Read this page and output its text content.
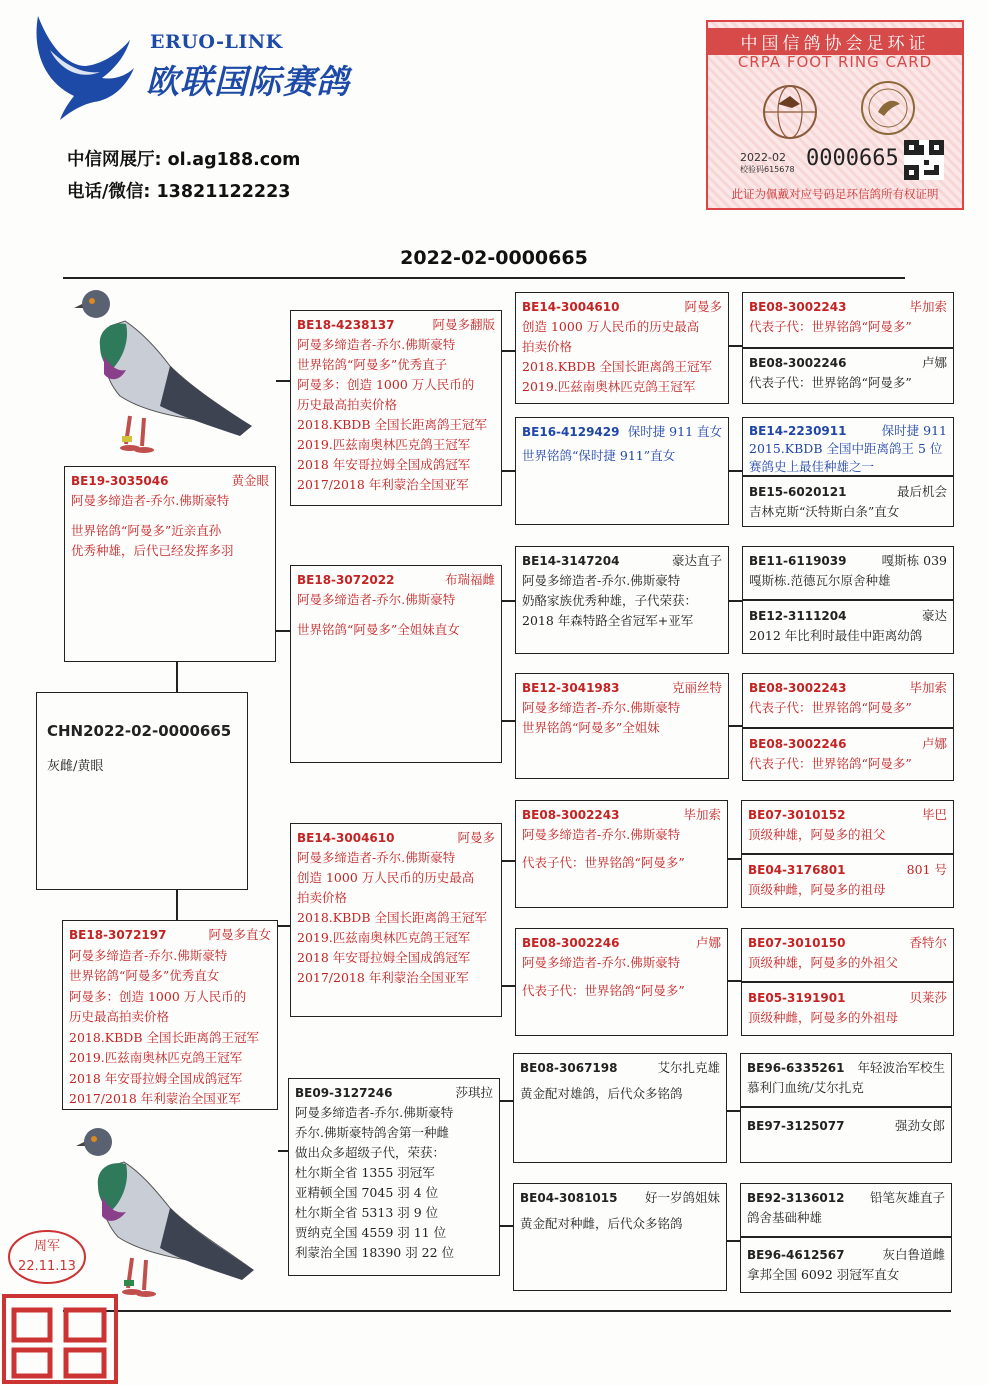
ERUO-LINK
欧联国际赛鸽
中信网展厅: ol.ag188.com
电话/微信: 13821122223
中国信鸽协会足环证
CRPA FOOT RING CARD
2022-02
校验码615678 0000665
此证为佩戴对应号码足环信鸽所有权证明
2022-02-0000665
周军
22.11.13
CHN2022-02-0000665
灰雌/黄眼
BE19-3035046	黄金眼
阿曼多缔造者-乔尔.佛斯豪特
世界铭鸽“阿曼多”近亲直孙
优秀种雄，后代已经发挥多羽
BE18-3072197	阿曼多直女
阿曼多缔造者-乔尔.佛斯豪特
世界铭鸽“阿曼多”优秀直女
阿曼多：创造 1000 万人民币的
历史最高拍卖价格
2018.KBDB 全国长距离鸽王冠军
2019.匹兹南奥林匹克鸽王冠军
2018 年安哥拉姆全国成鸽冠军
2017/2018 年利蒙治全国亚军
BE18-4238137	阿曼多翻版
阿曼多缔造者-乔尔.佛斯豪特
世界铭鸽“阿曼多”优秀直子
阿曼多：创造 1000 万人民币的
历史最高拍卖价格
2018.KBDB 全国长距离鸽王冠军
2019.匹兹南奥林匹克鸽王冠军
2018 年安哥拉姆全国成鸽冠军
2017/2018 年利蒙治全国亚军
BE18-3072022	布瑞福雌
阿曼多缔造者-乔尔.佛斯豪特
世界铭鸽“阿曼多”全姐妹直女
BE14-3004610	阿曼多
阿曼多缔造者-乔尔.佛斯豪特
创造 1000 万人民币的历史最高
拍卖价格
2018.KBDB 全国长距离鸽王冠军
2019.匹兹南奥林匹克鸽王冠军
2018 年安哥拉姆全国成鸽冠军
2017/2018 年利蒙治全国亚军
BE09-3127246	莎琪拉
阿曼多缔造者-乔尔.佛斯豪特
乔尔.佛斯豪特鸽舍第一种雌
做出众多超级子代，荣获：
杜尔斯全省 1355 羽冠军
亚精顿全国 7045 羽 4 位
杜尔斯全省 5313 羽 9 位
贾纳克全国 4559 羽 11 位
利蒙治全国 18390 羽 22 位
BE14-3004610	阿曼多
创造 1000 万人民币的历史最高
拍卖价格
2018.KBDB 全国长距离鸽王冠军
2019.匹兹南奥林匹克鸽王冠军
BE16-4129429 保时捷 911 直女
世界铭鸽“保时捷 911”直女
BE14-3147204	豪达直子
阿曼多缔造者-乔尔.佛斯豪特
奶酪家族优秀种雄，子代荣获：
2018 年森特路全省冠军+亚军
BE12-3041983	克丽丝特
阿曼多缔造者-乔尔.佛斯豪特
世界铭鸽“阿曼多”全姐妹
BE08-3002243	毕加索
阿曼多缔造者-乔尔.佛斯豪特
代表子代：世界铭鸽“阿曼多”
BE08-3002246	卢娜
阿曼多缔造者-乔尔.佛斯豪特
代表子代：世界铭鸽“阿曼多”
BE08-3067198	艾尔扎克雄
黄金配对雄鸽，后代众多铭鸽
BE04-3081015 好一岁鸽姐妹
黄金配对种雌，后代众多铭鸽
BE08-3002243	毕加索
代表子代：世界铭鸽“阿曼多”
BE08-3002246	卢娜
代表子代：世界铭鸽“阿曼多”
BE14-2230911	保时捷 911
2015.KBDB 全国中距离鸽王 5 位
赛鸽史上最佳种雄之一
BE15-6020121	最后机会
吉林克斯“沃特斯白条”直女
BE11-6119039	嘎斯栋 039
嘎斯栋.范德瓦尔原舍种雄
BE12-3111204	豪达
2012 年比利时最佳中距离幼鸽
BE08-3002243	毕加索
代表子代：世界铭鸽“阿曼多”
BE08-3002246	卢娜
代表子代：世界铭鸽“阿曼多”
BE07-3010152	毕巴
顶级种雄，阿曼多的祖父
BE04-3176801	801 号
顶级种雌，阿曼多的祖母
BE07-3010150	香特尔
顶级种雄，阿曼多的外祖父
BE05-3191901	贝莱莎
顶级种雌，阿曼多的外祖母
BE96-6335261 年轻波治军校生
慕利门血统/艾尔扎克
BE97-3125077	强劲女郎
BE92-3136012 铅笔灰雄直子
鸽舍基础种雄
BE96-4612567	灰白鲁道雌
拿邦全国 6092 羽冠军直女
